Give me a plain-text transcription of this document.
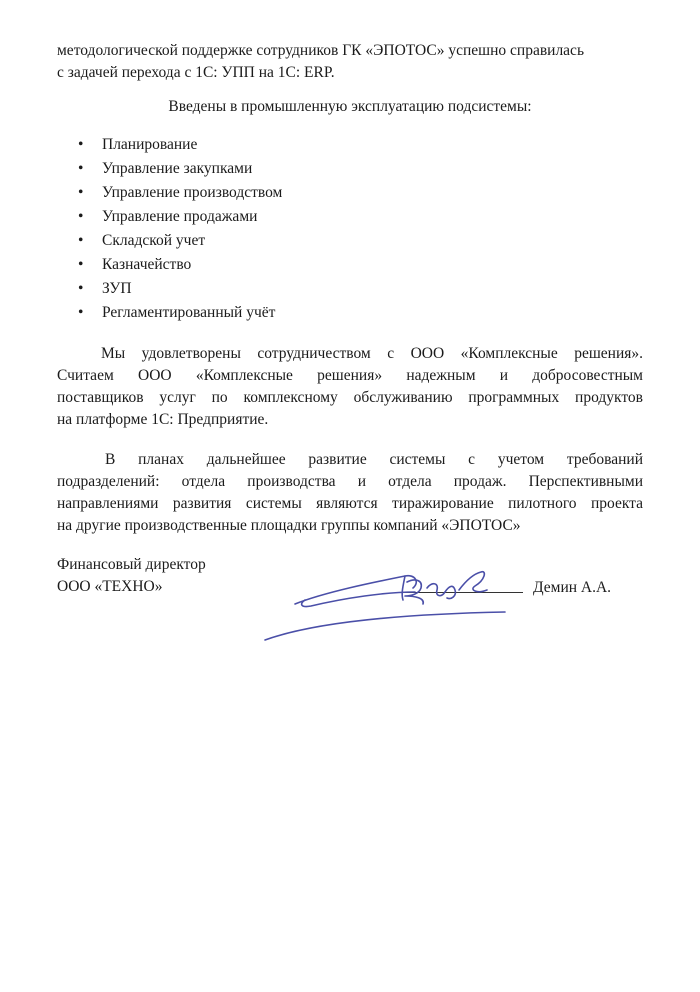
методологической поддержке сотрудников ГК «ЭПОТОС» успешно справилась
с задачей перехода с 1С: УПП на 1С: ERP.

Введены в промышленную эксплуатацию подсистемы:

• Планирование
• Управление закупками
• Управление производством
• Управление продажами
• Складской учет
• Казначейство
• ЗУП
• Регламентированный учёт
Мы удовлетворены сотрудничеством с ООО «Комплексные решения».
Считаем ООО «Комплексные решения» надежным и добросовестным
поставщиков услуг по комплексному обслуживанию программных продуктов
на платформе 1С: Предприятие.
В планах дальнейшее развитие системы с учетом требований
подразделений: отдела производства и отдела продаж. Перспективными
направлениями развития системы являются тиражирование пилотного проекта
на другие производственные площадки группы компаний «ЭПОТОС»
Финансовый директор
ООО «ТЕХНО»	Демин А.А.
